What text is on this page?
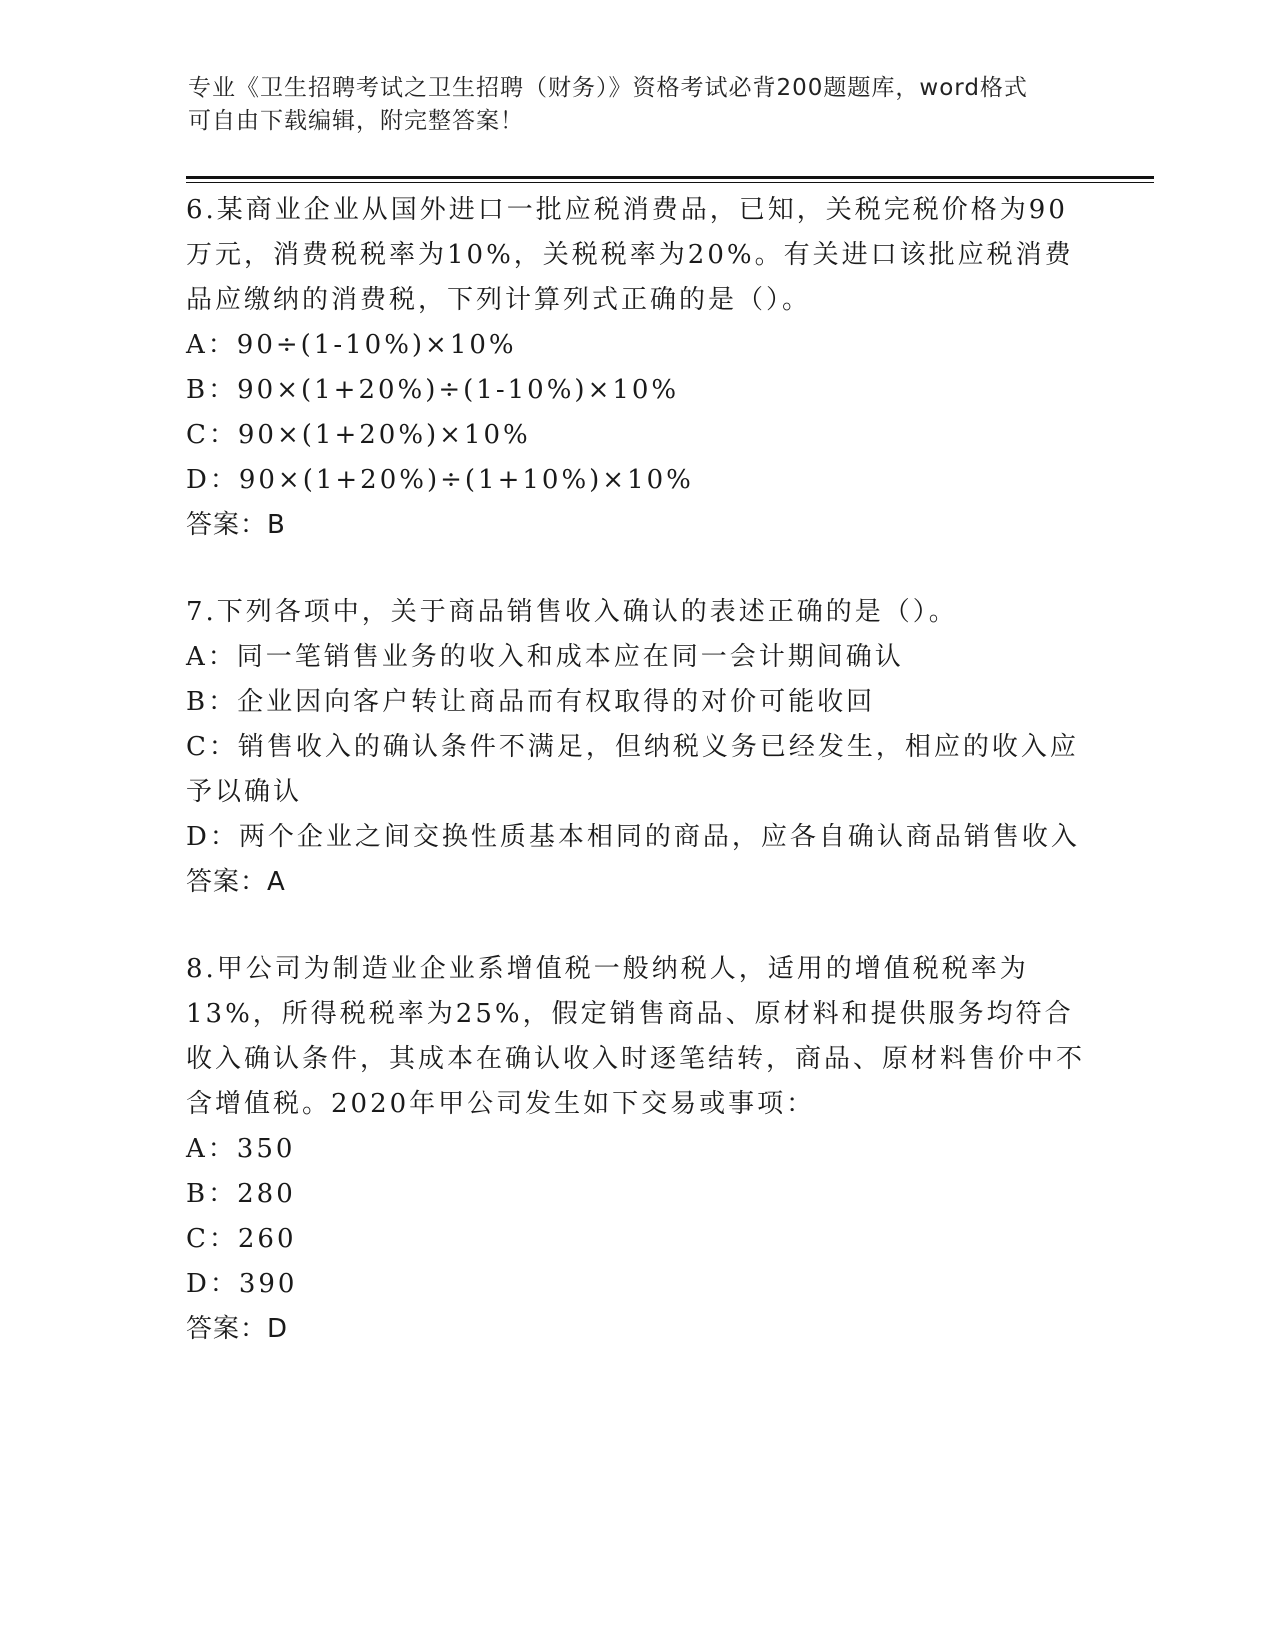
专业《卫生招聘考试之卫生招聘（财务）》资格考试必背200题题库，word格式
可自由下载编辑，附完整答案！

6.某商业企业从国外进口一批应税消费品，已知，关税完税价格为90万元，消费税税率为10%，关税税率为20%。有关进口该批应税消费品应缴纳的消费税，下列计算列式正确的是（）。

A：90÷(1-10%)×10%

B：90×(1+20%)÷(1-10%)×10%

C：90×(1+20%)×10%

D：90×(1+20%)÷(1+10%)×10%

答案：B

7.下列各项中，关于商品销售收入确认的表述正确的是（）。

A：同一笔销售业务的收入和成本应在同一会计期间确认

B：企业因向客户转让商品而有权取得的对价可能收回

C：销售收入的确认条件不满足，但纳税义务已经发生，相应的收入应予以确认

D：两个企业之间交换性质基本相同的商品，应各自确认商品销售收入

答案：A

8.甲公司为制造业企业系增值税一般纳税人，适用的增值税税率为13%，所得税税率为25%，假定销售商品、原材料和提供服务均符合收入确认条件，其成本在确认收入时逐笔结转，商品、原材料售价中不含增值税。2020年甲公司发生如下交易或事项：

A：350

B：280

C：260

D：390

答案：D
